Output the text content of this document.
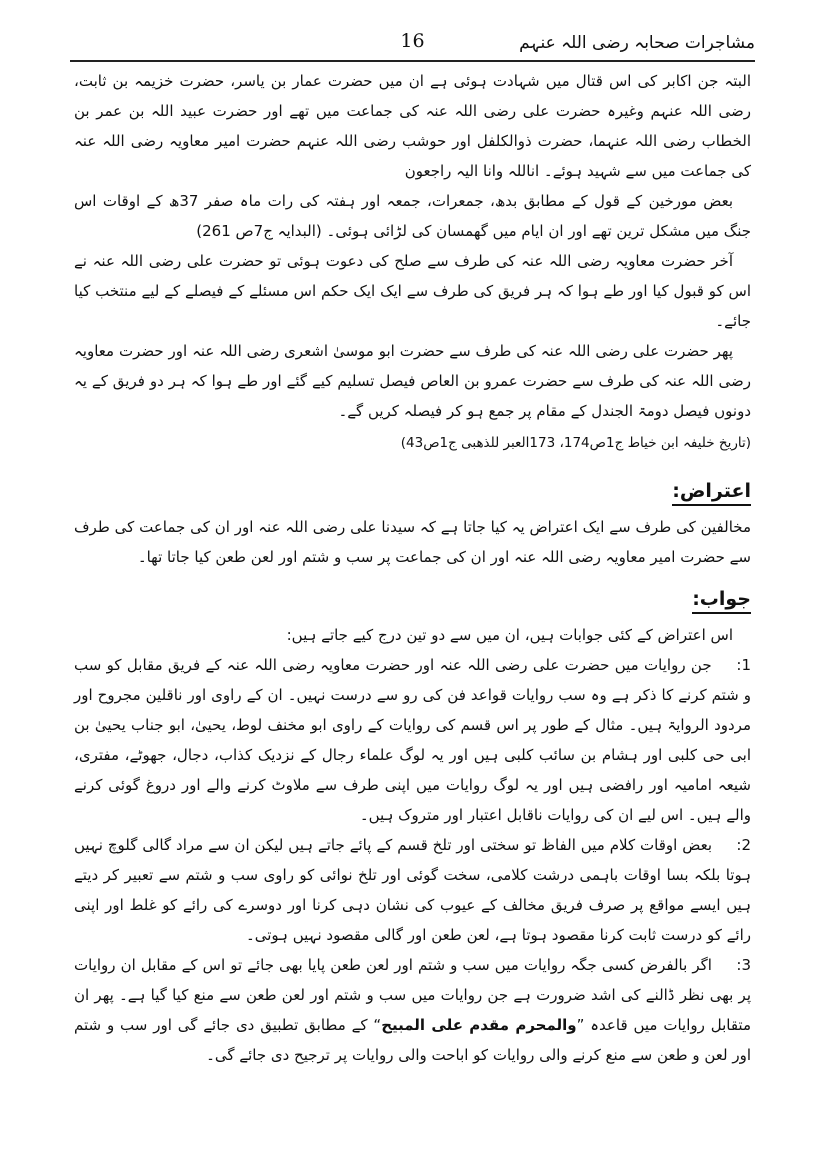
مشاجرات صحابہ رضی اللہ عنہم
16

البتہ جن اکابر کی اس قتال میں شہادت ہوئی ہے ان میں حضرت عمار بن یاسر، حضرت خزیمہ بن ثابت، رضی اللہ عنہم وغیرہ حضرت علی رضی اللہ عنہ کی جماعت میں تھے اور حضرت عبید اللہ بن عمر بن الخطاب رضی اللہ عنہما، حضرت ذوالکلفل اور حوشب رضی اللہ عنہم حضرت امیر معاویہ رضی اللہ عنہ کی جماعت میں سے شہید ہوئے۔ اناللہ وانا الیہ راجعون

بعض مورخین کے قول کے مطابق بدھ، جمعرات، جمعہ اور ہفتہ کی رات ماہ صفر 37ھ کے اوقات اس جنگ میں مشکل ترین تھے اور ان ایام میں گھمسان کی لڑائی ہوئی۔ (البدایہ ج7ص 261)

آخر حضرت معاویہ رضی اللہ عنہ کی طرف سے صلح کی دعوت ہوئی تو حضرت علی رضی اللہ عنہ نے اس کو قبول کیا اور طے ہوا کہ ہر فریق کی طرف سے ایک ایک حکم اس مسئلے کے فیصلے کے لیے منتخب کیا جائے۔

پھر حضرت علی رضی اللہ عنہ کی طرف سے حضرت ابو موسیٰ اشعری رضی اللہ عنہ اور حضرت معاویہ رضی اللہ عنہ کی طرف سے حضرت عمرو بن العاص فیصل تسلیم کیے گئے اور طے ہوا کہ ہر دو فریق کے یہ دونوں فیصل دومۃ الجندل کے مقام پر جمع ہو کر فیصلہ کریں گے۔

(تاریخ خلیفہ ابن خیاط ج1ص174، 173العبر للذھبی ج1ص43)

اعتراض:

مخالفین کی طرف سے ایک اعتراض یہ کیا جاتا ہے کہ سیدنا علی رضی اللہ عنہ اور ان کی جماعت کی طرف سے حضرت امیر معاویہ رضی اللہ عنہ اور ان کی جماعت پر سب و شتم اور لعن طعن کیا جاتا تھا۔

جواب:

اس اعتراض کے کئی جوابات ہیں، ان میں سے دو تین درج کیے جاتے ہیں:

1: جن روایات میں حضرت علی رضی اللہ عنہ اور حضرت معاویہ رضی اللہ عنہ کے فریق مقابل کو سب و شتم کرنے کا ذکر ہے وہ سب روایات قواعد فن کی رو سے درست نہیں۔ ان کے راوی اور ناقلین مجروح اور مردود الروایۃ ہیں۔ مثال کے طور پر اس قسم کی روایات کے راوی ابو مخنف لوط، یحییٰ، ابو جناب یحییٰ بن ابی حی کلبی اور ہشام بن سائب کلبی ہیں اور یہ لوگ علماء رجال کے نزدیک کذاب، دجال، جھوٹے، مفتری، شیعہ امامیہ اور رافضی ہیں اور یہ لوگ روایات میں اپنی طرف سے ملاوٹ کرنے والے اور دروغ گوئی کرنے والے ہیں۔ اس لیے ان کی روایات ناقابل اعتبار اور متروک ہیں۔

2: بعض اوقات کلام میں الفاظ تو سختی اور تلخ قسم کے پائے جاتے ہیں لیکن ان سے مراد گالی گلوچ نہیں ہوتا بلکہ بسا اوقات باہمی درشت کلامی، سخت گوئی اور تلخ نوائی کو راوی سب و شتم سے تعبیر کر دیتے ہیں ایسے مواقع پر صرف فریق مخالف کے عیوب کی نشان دہی کرنا اور دوسرے کی رائے کو غلط اور اپنی رائے کو درست ثابت کرنا مقصود ہوتا ہے، لعن طعن اور گالی مقصود نہیں ہوتی۔

3: اگر بالفرض کسی جگہ روایات میں سب و شتم اور لعن طعن پایا بھی جائے تو اس کے مقابل ان روایات پر بھی نظر ڈالنے کی اشد ضرورت ہے جن روایات میں سب و شتم اور لعن طعن سے منع کیا گیا ہے۔ پھر ان متقابل روایات میں قاعدہ ”والمحرم مقدم علی المبیح“ کے مطابق تطبیق دی جائے گی اور سب و شتم اور لعن و طعن سے منع کرنے والی روایات کو اباحت والی روایات پر ترجیح دی جائے گی۔
